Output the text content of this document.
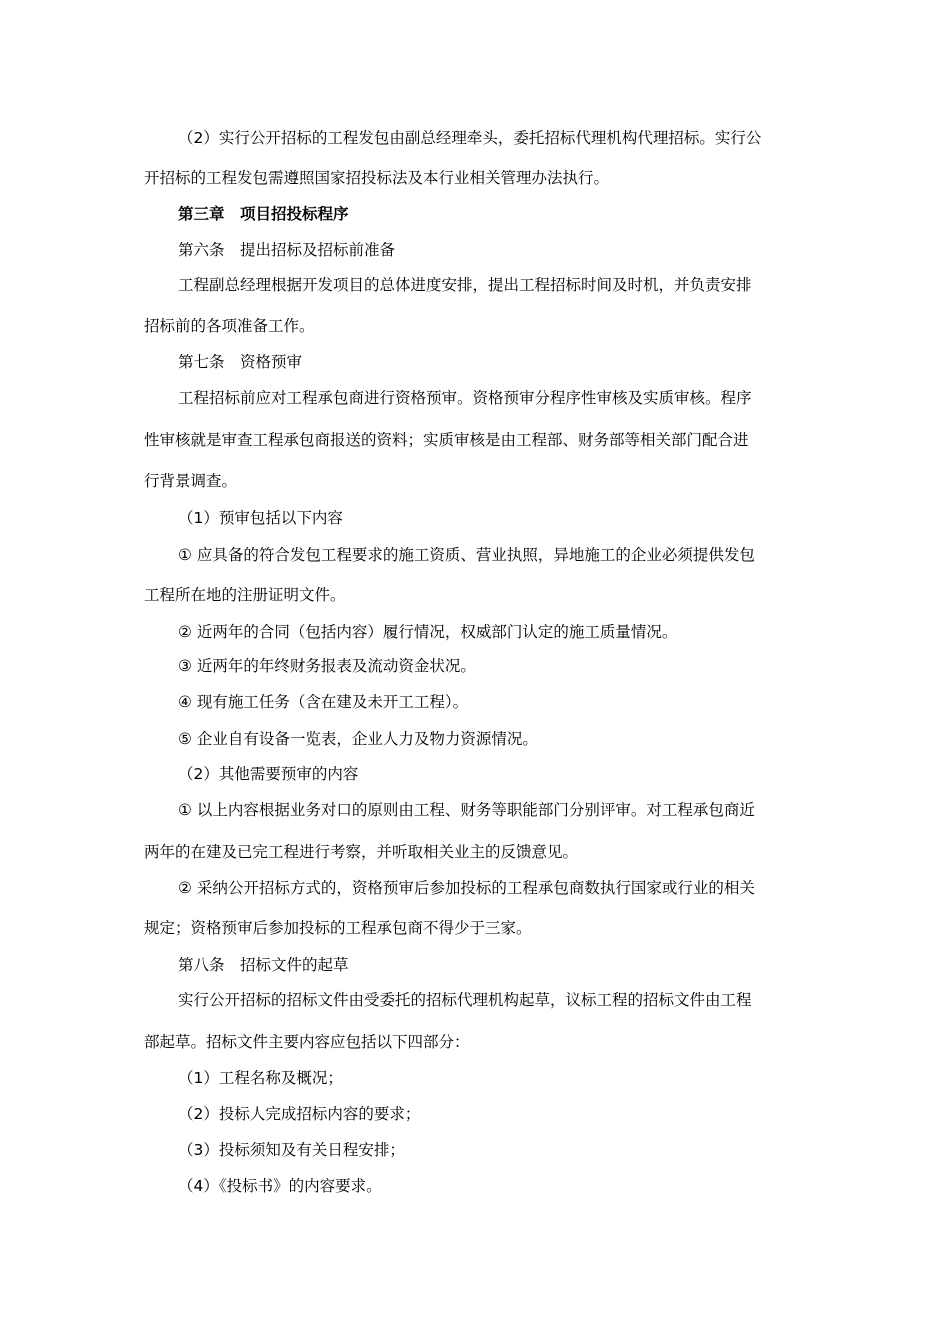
（2）实行公开招标的工程发包由副总经理牵头，委托招标代理机构代理招标。实行公
开招标的工程发包需遵照国家招投标法及本行业相关管理办法执行。
第三章　项目招投标程序
第六条　提出招标及招标前准备
工程副总经理根据开发项目的总体进度安排，提出工程招标时间及时机，并负责安排
招标前的各项准备工作。
第七条　资格预审
工程招标前应对工程承包商进行资格预审。资格预审分程序性审核及实质审核。程序
性审核就是审查工程承包商报送的资料；实质审核是由工程部、财务部等相关部门配合进
行背景调查。
（1）预审包括以下内容
① 应具备的符合发包工程要求的施工资质、营业执照，异地施工的企业必须提供发包
工程所在地的注册证明文件。
② 近两年的合同（包括内容）履行情况，权威部门认定的施工质量情况。
③ 近两年的年终财务报表及流动资金状况。
④ 现有施工任务（含在建及未开工工程）。
⑤ 企业自有设备一览表，企业人力及物力资源情况。
（2）其他需要预审的内容
① 以上内容根据业务对口的原则由工程、财务等职能部门分别评审。对工程承包商近
两年的在建及已完工程进行考察，并听取相关业主的反馈意见。
② 采纳公开招标方式的，资格预审后参加投标的工程承包商数执行国家或行业的相关
规定；资格预审后参加投标的工程承包商不得少于三家。
第八条　招标文件的起草
实行公开招标的招标文件由受委托的招标代理机构起草，议标工程的招标文件由工程
部起草。招标文件主要内容应包括以下四部分：
（1）工程名称及概况；
（2）投标人完成招标内容的要求；
（3）投标须知及有关日程安排；
（4）《投标书》的内容要求。
